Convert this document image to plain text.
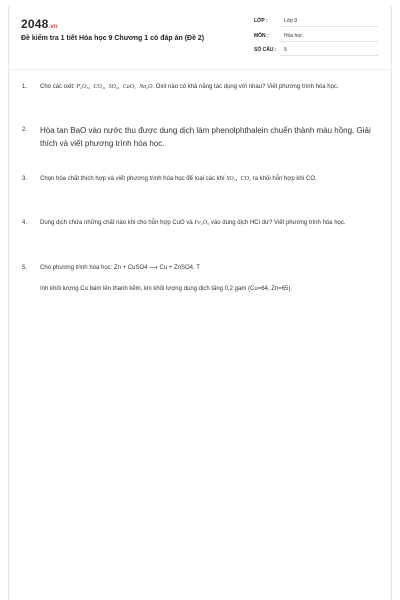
2048.vn
Đề kiểm tra 1 tiết Hóa học 9 Chương 1 có đáp án (Đề 2)
LỚP :	Lớp 9
MÔN :	Hóa học
SỐ CÂU : 5
1. Cho các oxit: P₂O₅, CO₂, SO₂, CaO, Na₂O. Oxit nào có khả năng tác dụng với nhau? Viết phương trình hóa học.
2. Hòa tan BaO vào nước thu được dung dịch làm phenolphthalein chuển thành màu hồng. Giải thích và viết phương trình hóa học.
3. Chọn hóa chất thích hợp và viết phương trình hóa học để loại các khí SO₂, CO₂ ra khỏi hỗn hợp khí CO.
4. Dung dịch chứa những chất nào khi cho hỗn hợp CuO và Fe₂O₃ vào dung dịch HCl dư? Viết phương trình hóa học.
5. Cho phương trình hóa học: Zn + CuSO4 ⟶ Cu + ZnSO4. T
ính khối lượng Cu bám lên thanh kẽm, khi khối lượng dung dịch tăng 0,2 gam (Cu=64, Zn=65).
